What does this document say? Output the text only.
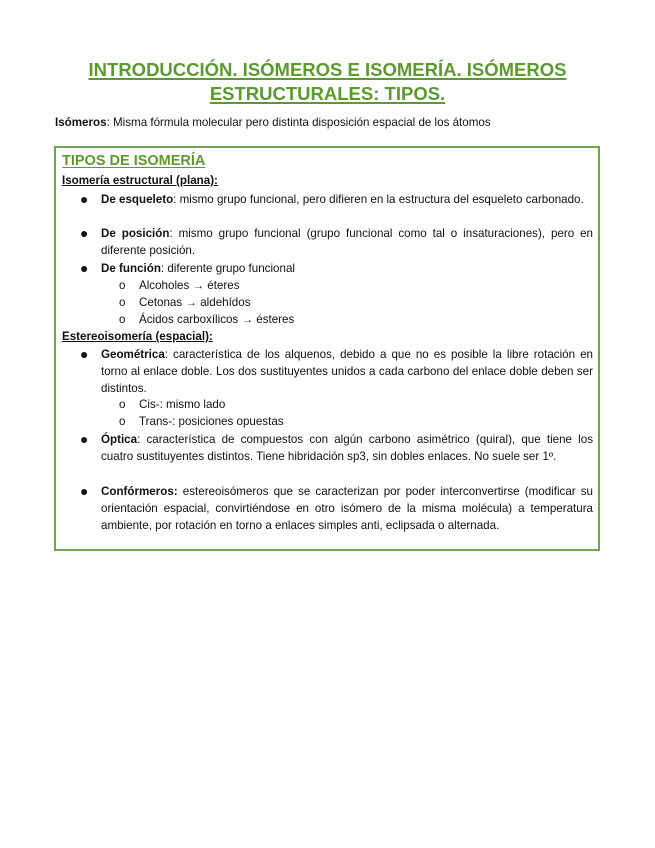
INTRODUCCIÓN. ISÓMEROS E ISOMERÍA. ISÓMEROS ESTRUCTURALES: TIPOS.
Isómeros: Misma fórmula molecular pero distinta disposición espacial de los átomos
TIPOS DE ISOMERÍA
Isomería estructural (plana):
● De esqueleto: mismo grupo funcional, pero difieren en la estructura del esqueleto carbonado.
● De posición: mismo grupo funcional (grupo funcional como tal o insaturaciones), pero en diferente posición.
● De función: diferente grupo funcional
o Alcoholes → éteres
o Cetonas → aldehídos
o Ácidos carboxílicos → ésteres
Estereoisomería (espacial):
● Geométrica: característica de los alquenos, debido a que no es posible la libre rotación en torno al enlace doble. Los dos sustituyentes unidos a cada carbono del enlace doble deben ser distintos.
o Cis-: mismo lado
o Trans-: posiciones opuestas
● Óptica: característica de compuestos con algún carbono asimétrico (quiral), que tiene los cuatro sustituyentes distintos. Tiene hibridación sp3, sin dobles enlaces. No suele ser 1º.
● Confórmeros: estereoisómeros que se caracterizan por poder interconvertirse (modificar su orientación espacial, convirtiéndose en otro isómero de la misma molécula) a temperatura ambiente, por rotación en torno a enlaces simples anti, eclipsada o alternada.
